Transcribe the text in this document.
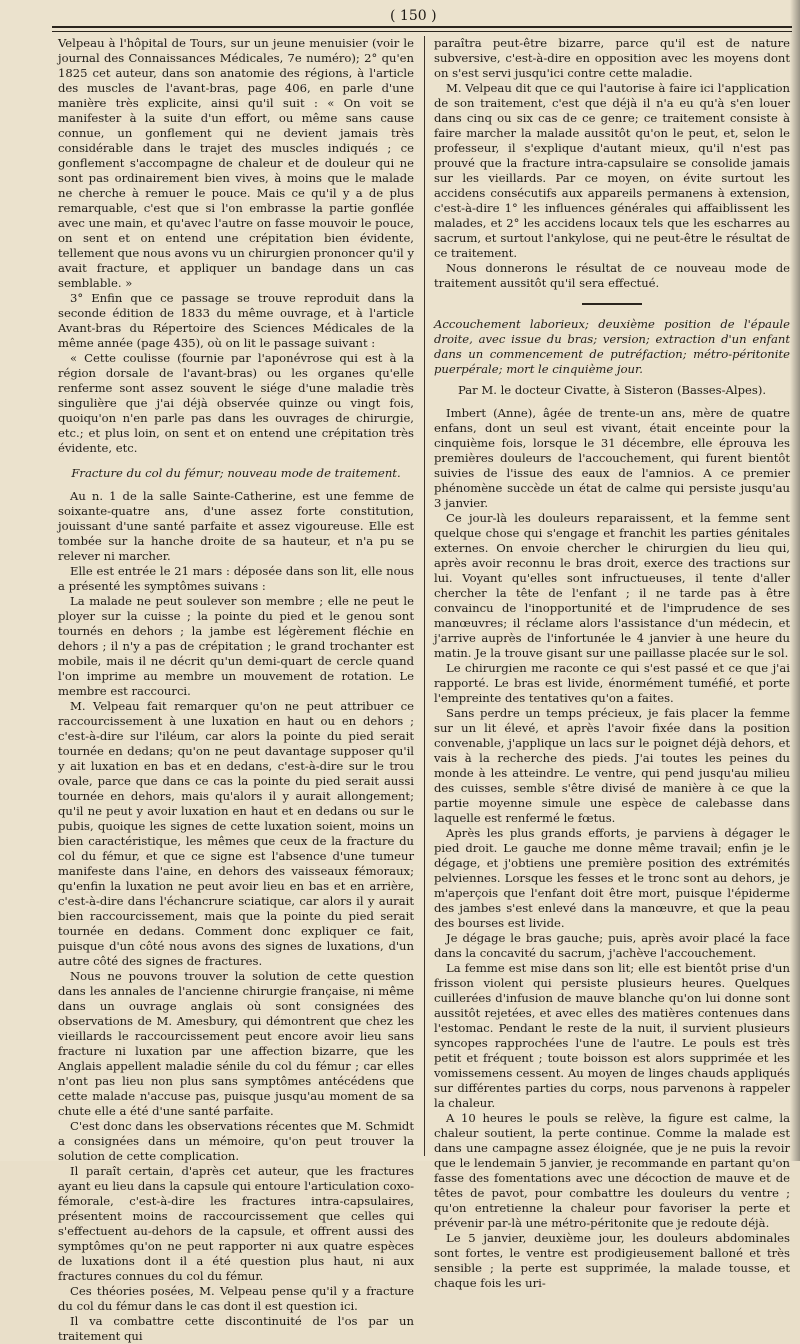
( 150 )

Velpeau à l'hôpital de Tours, sur un jeune menuisier (voir le journal des Connaissances Médicales, 7e numéro); 2° qu'en 1825 cet auteur, dans son anatomie des régions, à l'article des muscles de l'avant-bras, page 406, en parle d'une manière très explicite, ainsi qu'il suit : « On voit se manifester à la suite d'un effort, ou même sans cause connue, un gonflement qui ne devient jamais très considérable dans le trajet des muscles indiqués ; ce gonflement s'accompagne de chaleur et de douleur qui ne sont pas ordinairement bien vives, à moins que le malade ne cherche à remuer le pouce. Mais ce qu'il y a de plus remarquable, c'est que si l'on embrasse la partie gonflée avec une main, et qu'avec l'autre on fasse mouvoir le pouce, on sent et on entend une crépitation bien évidente, tellement que nous avons vu un chirurgien prononcer qu'il y avait fracture, et appliquer un bandage dans un cas semblable. »

3° Enfin que ce passage se trouve reproduit dans la seconde édition de 1833 du même ouvrage, et à l'article Avant-bras du Répertoire des Sciences Médicales de la même année (page 435), où on lit le passage suivant :

« Cette coulisse (fournie par l'aponévrose qui est à la région dorsale de l'avant-bras) ou les organes qu'elle renferme sont assez souvent le siége d'une maladie très singulière que j'ai déjà observée quinze ou vingt fois, quoiqu'on n'en parle pas dans les ouvrages de chirurgie, etc.; et plus loin, on sent et on entend une crépitation très évidente, etc.

Fracture du col du fémur; nouveau mode de traitement.

Au n. 1 de la salle Sainte-Catherine, est une femme de soixante-quatre ans, d'une assez forte constitution, jouissant d'une santé parfaite et assez vigoureuse. Elle est tombée sur la hanche droite de sa hauteur, et n'a pu se relever ni marcher.

Elle est entrée le 21 mars : déposée dans son lit, elle nous a présenté les symptômes suivans :

La malade ne peut soulever son membre ; elle ne peut le ployer sur la cuisse ; la pointe du pied et le genou sont tournés en dehors ; la jambe est légèrement fléchie en dehors ; il n'y a pas de crépitation ; le grand trochanter est mobile, mais il ne décrit qu'un demi-quart de cercle quand l'on imprime au membre un mouvement de rotation. Le membre est raccourci.

M. Velpeau fait remarquer qu'on ne peut attribuer ce raccourcissement à une luxation en haut ou en dehors ; c'est-à-dire sur l'iléum, car alors la pointe du pied serait tournée en dedans; qu'on ne peut davantage supposer qu'il y ait luxation en bas et en dedans, c'est-à-dire sur le trou ovale, parce que dans ce cas la pointe du pied serait aussi tournée en dehors, mais qu'alors il y aurait allongement; qu'il ne peut y avoir luxation en haut et en dedans ou sur le pubis, quoique les signes de cette luxation soient, moins un bien caractéristique, les mêmes que ceux de la fracture du col du fémur, et que ce signe est l'absence d'une tumeur manifeste dans l'aine, en dehors des vaisseaux fémoraux; qu'enfin la luxation ne peut avoir lieu en bas et en arrière, c'est-à-dire dans l'échancrure sciatique, car alors il y aurait bien raccourcissement, mais que la pointe du pied serait tournée en dedans. Comment donc expliquer ce fait, puisque d'un côté nous avons des signes de luxations, d'un autre côté des signes de fractures.

Nous ne pouvons trouver la solution de cette question dans les annales de l'ancienne chirurgie française, ni même dans un ouvrage anglais où sont consignées des observations de M. Amesbury, qui démontrent que chez les vieillards le raccourcissement peut encore avoir lieu sans fracture ni luxation par une affection bizarre, que les Anglais appellent maladie sénile du col du fémur ; car elles n'ont pas lieu non plus sans symptômes antécédens que cette malade n'accuse pas, puisque jusqu'au moment de sa chute elle a été d'une santé parfaite.

C'est donc dans les observations récentes que M. Schmidt a consignées dans un mémoire, qu'on peut trouver la solution de cette complication.

Il paraît certain, d'après cet auteur, que les fractures ayant eu lieu dans la capsule qui entoure l'articulation coxo-fémorale, c'est-à-dire les fractures intra-capsulaires, présentent moins de raccourcissement que celles qui s'effectuent au-dehors de la capsule, et offrent aussi des symptômes qu'on ne peut rapporter ni aux quatre espèces de luxations dont il a été question plus haut, ni aux fractures connues du col du fémur.

Ces théories posées, M. Velpeau pense qu'il y a fracture du col du fémur dans le cas dont il est question ici.

Il va combattre cette discontinuité de l'os par un traitement qui

paraîtra peut-être bizarre, parce qu'il est de nature subversive, c'est-à-dire en opposition avec les moyens dont on s'est servi jusqu'ici contre cette maladie.

M. Velpeau dit que ce qui l'autorise à faire ici l'application de son traitement, c'est que déjà il n'a eu qu'à s'en louer dans cinq ou six cas de ce genre; ce traitement consiste à faire marcher la malade aussitôt qu'on le peut, et, selon le professeur, il s'explique d'autant mieux, qu'il n'est pas prouvé que la fracture intra-capsulaire se consolide jamais sur les vieillards. Par ce moyen, on évite surtout les accidens consécutifs aux appareils permanens à extension, c'est-à-dire 1° les influences générales qui affaiblissent les malades, et 2° les accidens locaux tels que les escharres au sacrum, et surtout l'ankylose, qui ne peut-être le résultat de ce traitement.

Nous donnerons le résultat de ce nouveau mode de traitement aussitôt qu'il sera effectué.

Accouchement laborieux; deuxième position de l'épaule droite, avec issue du bras; version; extraction d'un enfant dans un commencement de putréfaction; métro-péritonite puerpérale; mort le cinquième jour.

Par M. le docteur Civatte, à Sisteron (Basses-Alpes).

Imbert (Anne), âgée de trente-un ans, mère de quatre enfans, dont un seul est vivant, était enceinte pour la cinquième fois, lorsque le 31 décembre, elle éprouva les premières douleurs de l'accouchement, qui furent bientôt suivies de l'issue des eaux de l'amnios. A ce premier phénomène succède un état de calme qui persiste jusqu'au 3 janvier.

Ce jour-là les douleurs reparaissent, et la femme sent quelque chose qui s'engage et franchit les parties génitales externes. On envoie chercher le chirurgien du lieu qui, après avoir reconnu le bras droit, exerce des tractions sur lui. Voyant qu'elles sont infructueuses, il tente d'aller chercher la tête de l'enfant ; il ne tarde pas à être convaincu de l'inopportunité et de l'imprudence de ses manœuvres; il réclame alors l'assistance d'un médecin, et j'arrive auprès de l'infortunée le 4 janvier à une heure du matin. Je la trouve gisant sur une paillasse placée sur le sol.

Le chirurgien me raconte ce qui s'est passé et ce que j'ai rapporté. Le bras est livide, énormément tuméfié, et porte l'empreinte des tentatives qu'on a faites.

Sans perdre un temps précieux, je fais placer la femme sur un lit élevé, et après l'avoir fixée dans la position convenable, j'applique un lacs sur le poignet déjà dehors, et vais à la recherche des pieds. J'ai toutes les peines du monde à les atteindre. Le ventre, qui pend jusqu'au milieu des cuisses, semble s'être divisé de manière à ce que la partie moyenne simule une espèce de calebasse dans laquelle est renfermé le fœtus.

Après les plus grands efforts, je parviens à dégager le pied droit. Le gauche me donne même travail; enfin je le dégage, et j'obtiens une première position des extrémités pelviennes. Lorsque les fesses et le tronc sont au dehors, je m'aperçois que l'enfant doit être mort, puisque l'épiderme des jambes s'est enlevé dans la manœuvre, et que la peau des bourses est livide.

Je dégage le bras gauche; puis, après avoir placé la face dans la concavité du sacrum, j'achève l'accouchement.

La femme est mise dans son lit; elle est bientôt prise d'un frisson violent qui persiste plusieurs heures. Quelques cuillerées d'infusion de mauve blanche qu'on lui donne sont aussitôt rejetées, et avec elles des matières contenues dans l'estomac. Pendant le reste de la nuit, il survient plusieurs syncopes rapprochées l'une de l'autre. Le pouls est très petit et fréquent ; toute boisson est alors supprimée et les vomissemens cessent. Au moyen de linges chauds appliqués sur différentes parties du corps, nous parvenons à rappeler la chaleur.

A 10 heures le pouls se relève, la figure est calme, la chaleur soutient, la perte continue. Comme la malade est dans une campagne assez éloignée, que je ne puis la revoir que le lendemain 5 janvier, je recommande en partant qu'on fasse des fomentations avec une décoction de mauve et de têtes de pavot, pour combattre les douleurs du ventre ; qu'on entretienne la chaleur pour favoriser la perte et prévenir par-là une métro-péritonite que je redoute déjà.

Le 5 janvier, deuxième jour, les douleurs abdominales sont fortes, le ventre est prodigieusement balloné et très sensible ; la perte est supprimée, la malade tousse, et chaque fois les uri-
